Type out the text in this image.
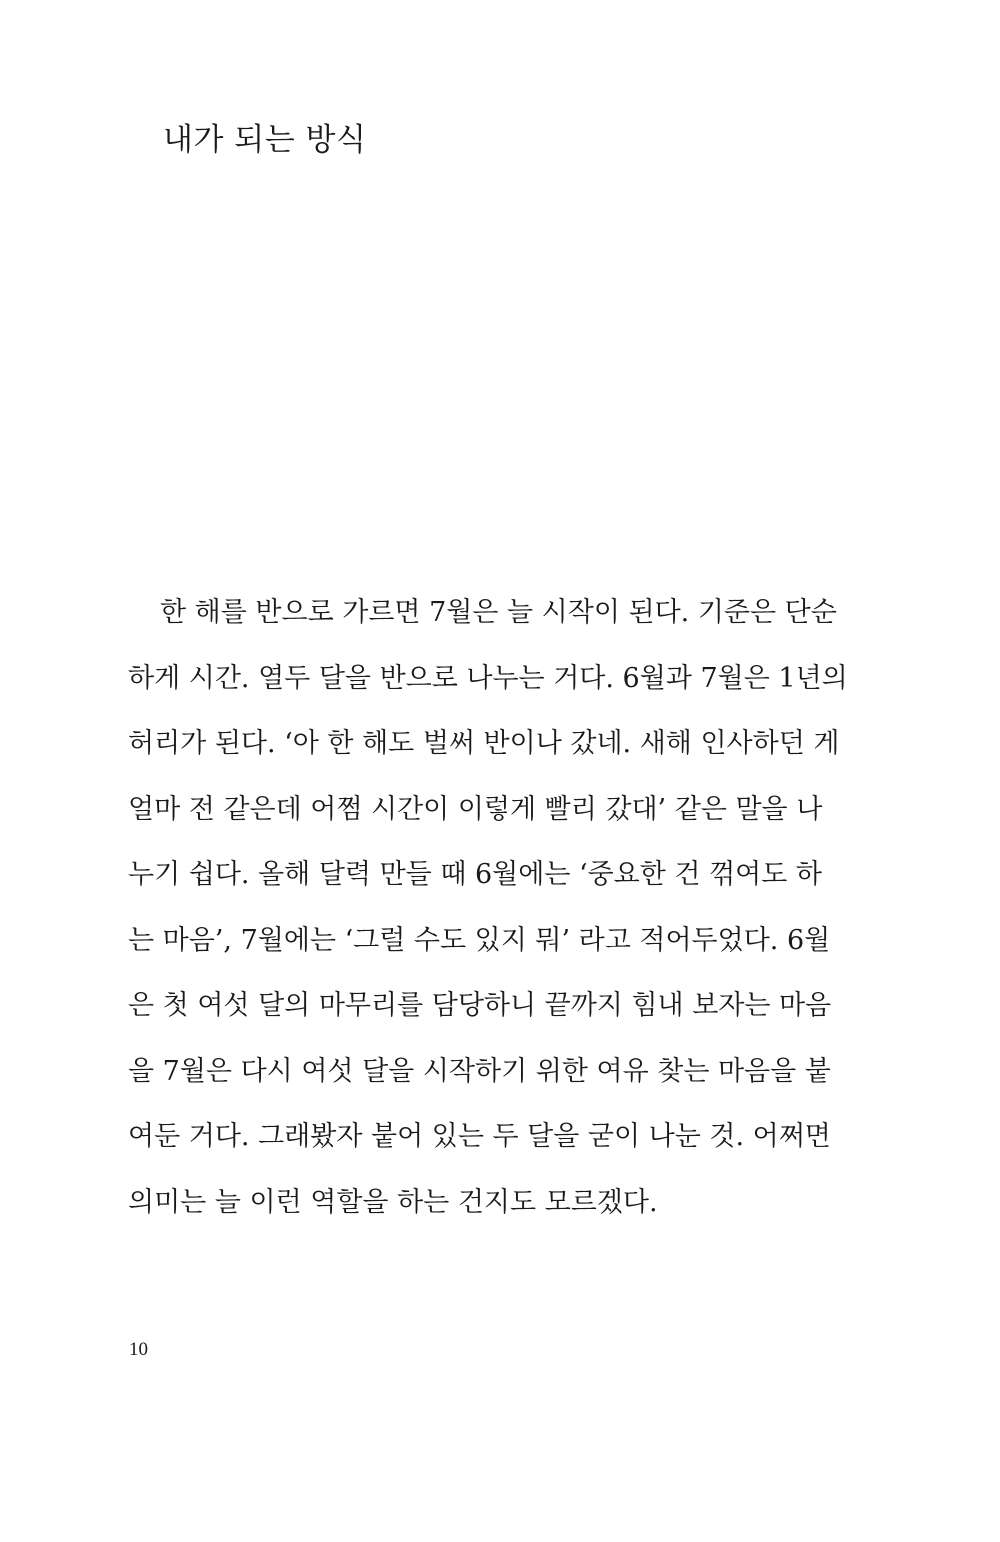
내가 되는 방식
한 해를 반으로 가르면 7월은 늘 시작이 된다. 기준은 단순
하게 시간. 열두 달을 반으로 나누는 거다. 6월과 7월은 1년의
허리가 된다. ‘아 한 해도 벌써 반이나 갔네. 새해 인사하던 게
얼마 전 같은데 어쩜 시간이 이렇게 빨리 갔대’ 같은 말을 나
누기 쉽다. 올해 달력 만들 때 6월에는 ‘중요한 건 꺾여도 하
는 마음’, 7월에는 ‘그럴 수도 있지 뭐’ 라고 적어두었다. 6월
은 첫 여섯 달의 마무리를 담당하니 끝까지 힘내 보자는 마음
을 7월은 다시 여섯 달을 시작하기 위한 여유 찾는 마음을 붙
여둔 거다. 그래봤자 붙어 있는 두 달을 굳이 나눈 것. 어쩌면
의미는 늘 이런 역할을 하는 건지도 모르겠다.
10
